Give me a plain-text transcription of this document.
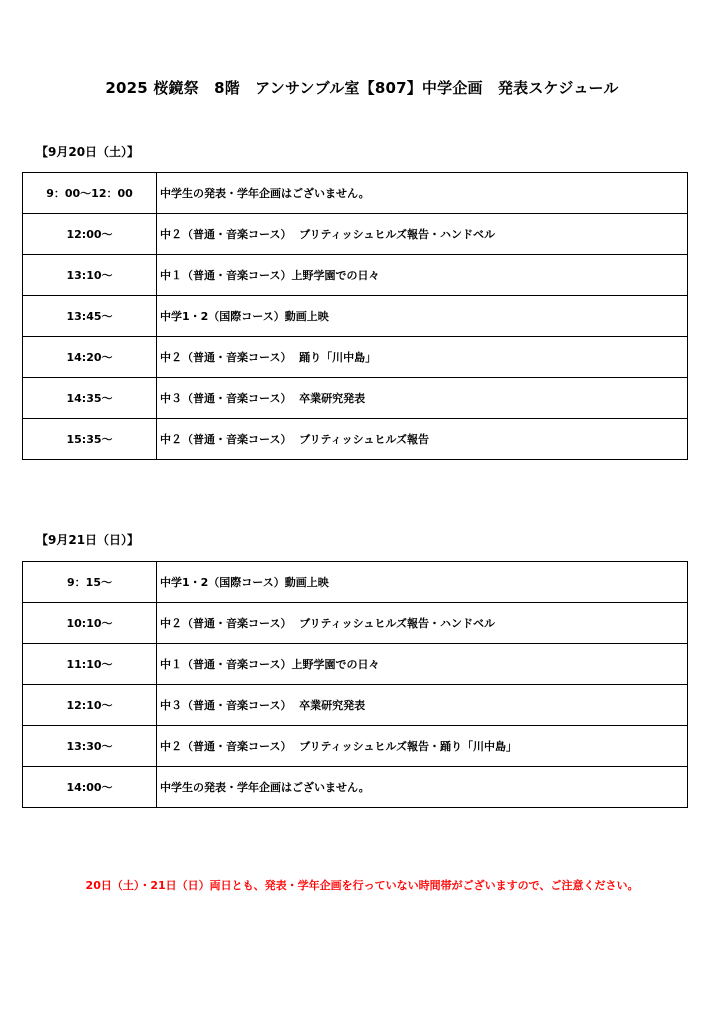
2025 桜鏡祭　8階　アンサンブル室【807】中学企画　発表スケジュール
【9月20日（土）】
9：00～12：00	中学生の発表・学年企画はございません。
12:00～	中２（普通・音楽コース）  ブリティッシュヒルズ報告・ハンドベル
13:10～	中１（普通・音楽コース）上野学園での日々
13:45～	中学1・2（国際コース）動画上映
14:20～	中２（普通・音楽コース）  踊り「川中島」
14:35～	中３（普通・音楽コース）  卒業研究発表
15:35～	中２（普通・音楽コース）  ブリティッシュヒルズ報告
【9月21日（日）】
9：15～	中学1・2（国際コース）動画上映
10:10～	中２（普通・音楽コース）  ブリティッシュヒルズ報告・ハンドベル
11:10～	中１（普通・音楽コース）上野学園での日々
12:10～	中３（普通・音楽コース）  卒業研究発表
13:30～	中２（普通・音楽コース）  ブリティッシュヒルズ報告・踊り「川中島」
14:00～	中学生の発表・学年企画はございません。
20日（土）・21日（日）両日とも、発表・学年企画を行っていない時間帯がございますので、ご注意ください。
